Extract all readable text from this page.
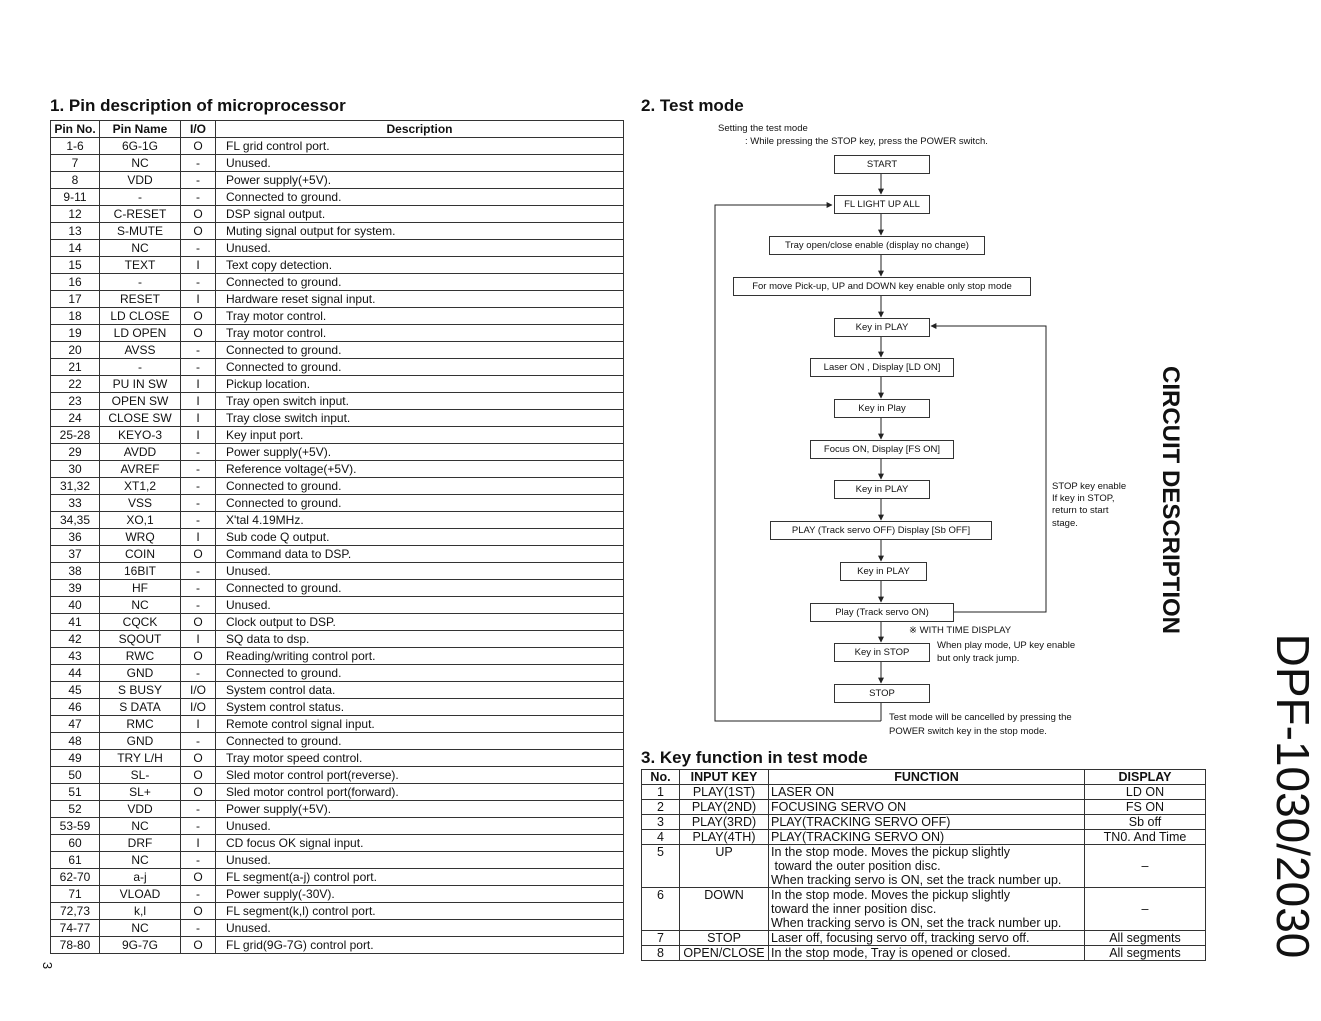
1. Pin description of microprocessor	2. Test mode
3. Key function in test mode
Pin No.	Pin Name	I/O	Description
1-6	6G-1G	O	FL grid control port.
7	NC	-	Unused.
8	VDD	-	Power supply(+5V).
9-11	-	-	Connected to ground.
12	C-RESET	O	DSP signal output.
13	S-MUTE	O	Muting signal output for system.
14	NC	-	Unused.
15	TEXT	I	Text copy detection.
16	-	-	Connected to ground.
17	RESET	I	Hardware reset signal input.
18	LD CLOSE	O	Tray motor control.
19	LD OPEN	O	Tray motor control.
20	AVSS	-	Connected to ground.
21	-	-	Connected to ground.
22	PU IN SW	I	Pickup location.
23	OPEN SW	I	Tray open switch input.
24	CLOSE SW	I	Tray close switch input.
25-28	KEYO-3	I	Key input port.
29	AVDD	-	Power supply(+5V).
30	AVREF	-	Reference voltage(+5V).
31,32	XT1,2	-	Connected to ground.
33	VSS	-	Connected to ground.
34,35	XO,1	-	X'tal 4.19MHz.
36	WRQ	I	Sub code Q output.
37	COIN	O	Command data to DSP.
38	16BIT	-	Unused.
39	HF	-	Connected to ground.
40	NC	-	Unused.
41	CQCK	O	Clock output to DSP.
42	SQOUT	I	SQ data to dsp.
43	RWC	O	Reading/writing control port.
44	GND	-	Connected to ground.
45	S BUSY	I/O	System control data.
46	S DATA	I/O	System control status.
47	RMC	I	Remote control signal input.
48	GND	-	Connected to ground.
49	TRY L/H	O	Tray motor speed control.
50	SL-	O	Sled motor control port(reverse).
51	SL+	O	Sled motor control port(forward).
52	VDD	-	Power supply(+5V).
53-59	NC	-	Unused.
60	DRF	I	CD focus OK signal input.
61	NC	-	Unused.
62-70	a-j	O	FL segment(a-j) control port.
71	VLOAD	-	Power supply(-30V).
72,73	k,l	O	FL segment(k,l) control port.
74-77	NC	-	Unused.
78-80	9G-7G	O	FL grid(9G-7G) control port.
Setting the test mode
: While pressing the STOP key, press the POWER switch.
START
FL LIGHT UP ALL
Tray open/close enable (display no change)
For move Pick-up, UP and DOWN key enable only stop mode
Key in PLAY
Laser ON , Display [LD ON]
Key in Play
Focus ON, Display [FS ON]
Key in PLAY
PLAY (Track servo OFF) Display [Sb OFF]
Key in PLAY
Play (Track servo ON)
Key in STOP
STOP
※ WITH TIME DISPLAY
When play mode, UP key enable
but only track jump.
STOP key enable
If key in STOP,
return to start
stage.
Test mode will be cancelled by pressing the
POWER switch key in the stop mode.
No.	INPUT KEY	FUNCTION	DISPLAY
1	PLAY(1ST)	LASER ON	LD ON
2	PLAY(2ND)	FOCUSING SERVO ON	FS ON
3	PLAY(3RD)	PLAY(TRACKING SERVO OFF)	Sb off
4	PLAY(4TH)	PLAY(TRACKING SERVO ON)	TN0. And Time
5	UP	In the stop mode. Moves the pickup slightly
toward the outer position disc.
When tracking servo is ON, set the track number up.	–
6	DOWN	In the stop mode. Moves the pickup slightly
toward the inner position disc.
When tracking servo is ON, set the track number up.	–
7	STOP	Laser off, focusing servo off, tracking servo off.	All segments
8	OPEN/CLOSE	In the stop mode, Tray is opened or closed.	All segments
CIRCUIT DESCRIPTION
DPF-1030/2030
3
